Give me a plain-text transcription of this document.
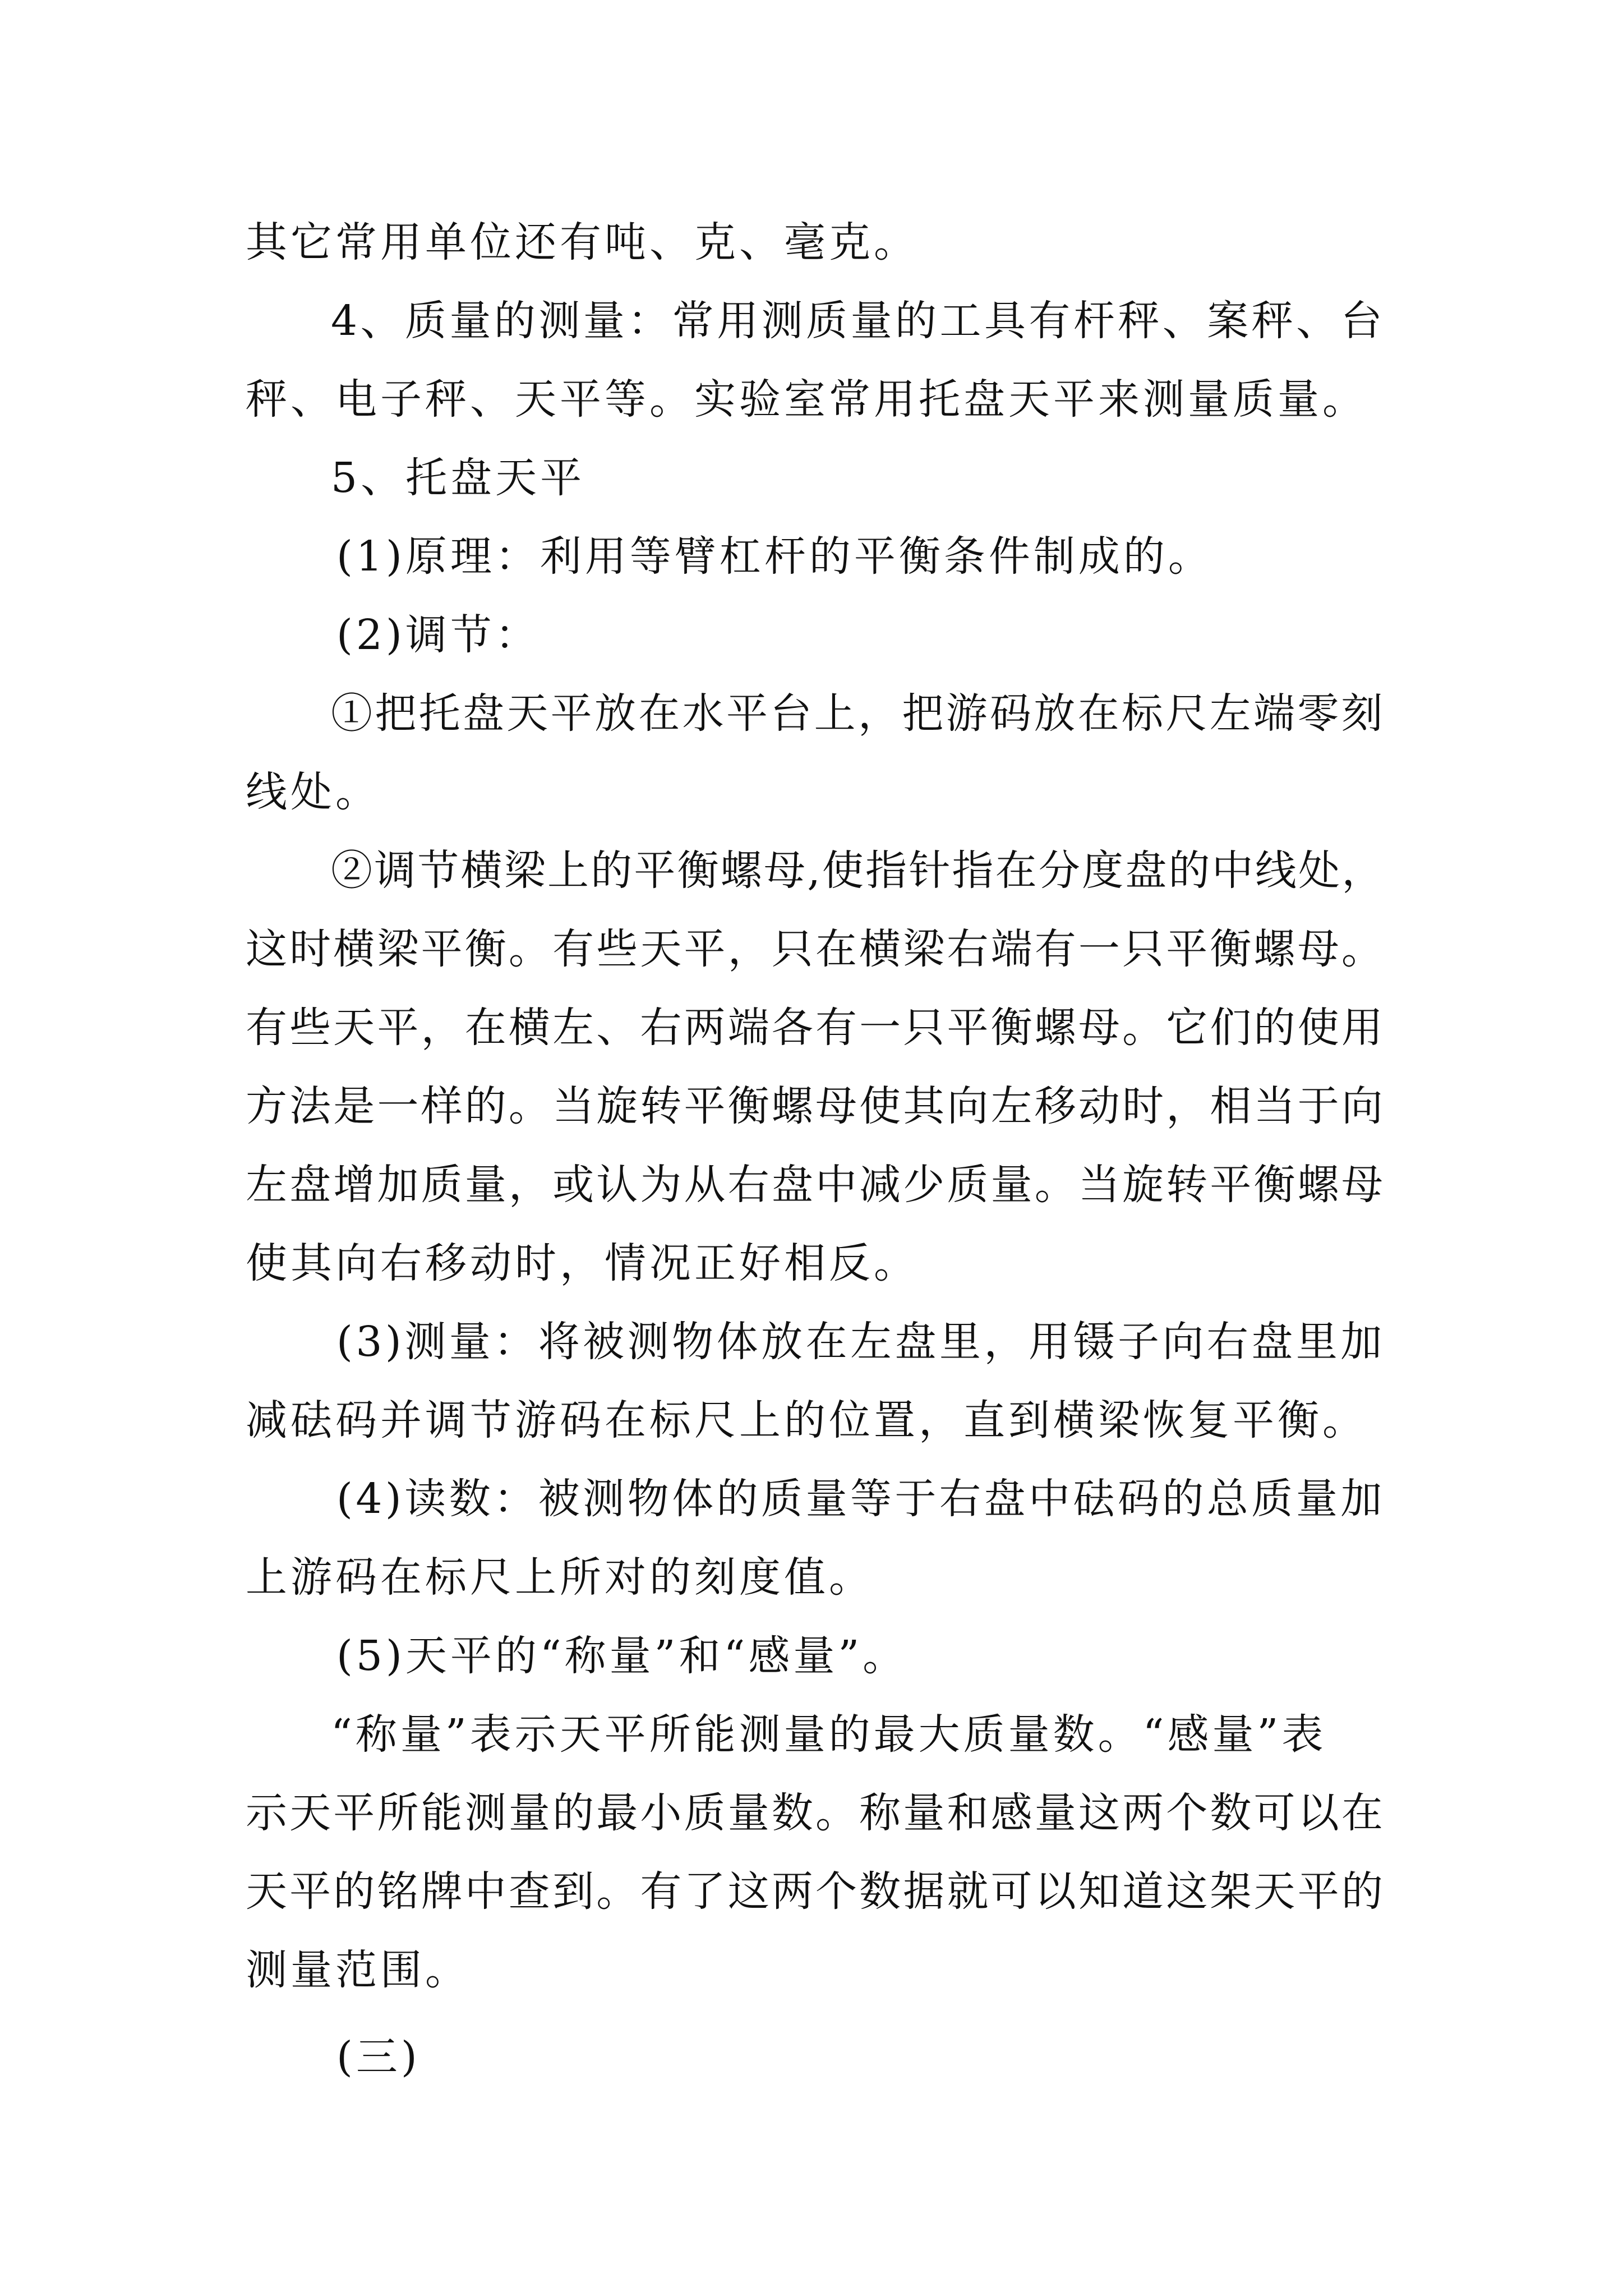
其它常用单位还有吨、克、毫克。

4、质量的测量：常用测质量的工具有杆秤、案秤、台

秤、电子秤、天平等。实验室常用托盘天平来测量质量。

5、托盘天平

(1)原理：利用等臂杠杆的平衡条件制成的。

(2)调节：

①把托盘天平放在水平台上，把游码放在标尺左端零刻

线处。

②调节横梁上的平衡螺母,使指针指在分度盘的中线处，

这时横梁平衡。有些天平，只在横梁右端有一只平衡螺母。

有些天平，在横左、右两端各有一只平衡螺母。它们的使用

方法是一样的。当旋转平衡螺母使其向左移动时，相当于向

左盘增加质量，或认为从右盘中减少质量。当旋转平衡螺母

使其向右移动时，情况正好相反。

(3)测量：将被测物体放在左盘里，用镊子向右盘里加

减砝码并调节游码在标尺上的位置，直到横梁恢复平衡。

(4)读数：被测物体的质量等于右盘中砝码的总质量加

上游码在标尺上所对的刻度值。

(5)天平的“称量”和“感量”。

“称量”表示天平所能测量的最大质量数。“感量”表

示天平所能测量的最小质量数。称量和感量这两个数可以在

天平的铭牌中查到。有了这两个数据就可以知道这架天平的

测量范围。

(三)
